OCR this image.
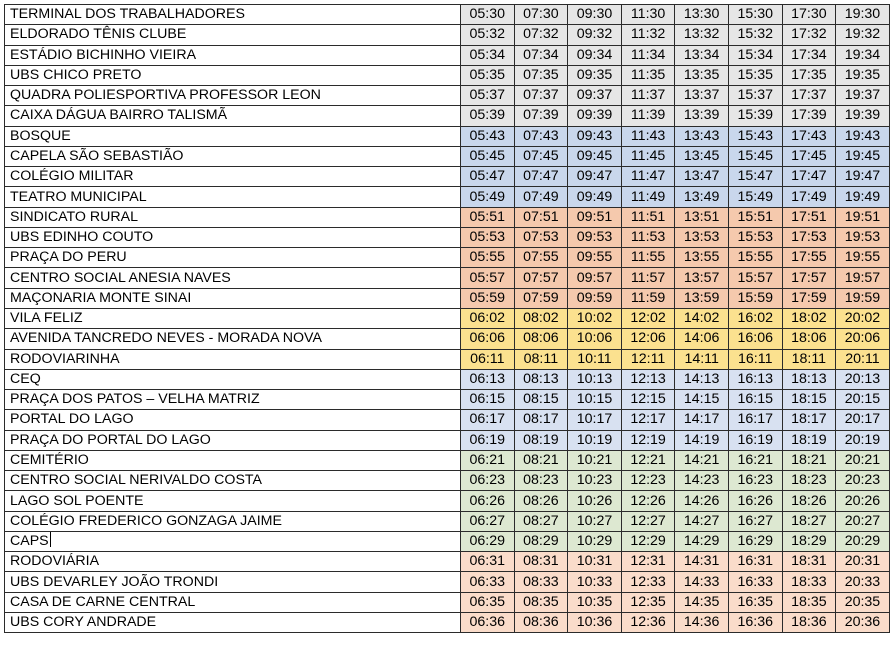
TERMINAL DOS TRABALHADORES	05:30	07:30	09:30	11:30	13:30	15:30	17:30	19:30
ELDORADO TÊNIS CLUBE	05:32	07:32	09:32	11:32	13:32	15:32	17:32	19:32
ESTÁDIO BICHINHO VIEIRA	05:34	07:34	09:34	11:34	13:34	15:34	17:34	19:34
UBS CHICO PRETO	05:35	07:35	09:35	11:35	13:35	15:35	17:35	19:35
QUADRA POLIESPORTIVA PROFESSOR LEON	05:37	07:37	09:37	11:37	13:37	15:37	17:37	19:37
CAIXA DÁGUA BAIRRO TALISMÃ	05:39	07:39	09:39	11:39	13:39	15:39	17:39	19:39
BOSQUE	05:43	07:43	09:43	11:43	13:43	15:43	17:43	19:43
CAPELA SÃO SEBASTIÃO	05:45	07:45	09:45	11:45	13:45	15:45	17:45	19:45
COLÉGIO MILITAR	05:47	07:47	09:47	11:47	13:47	15:47	17:47	19:47
TEATRO MUNICIPAL	05:49	07:49	09:49	11:49	13:49	15:49	17:49	19:49
SINDICATO RURAL	05:51	07:51	09:51	11:51	13:51	15:51	17:51	19:51
UBS EDINHO COUTO	05:53	07:53	09:53	11:53	13:53	15:53	17:53	19:53
PRAÇA DO PERU	05:55	07:55	09:55	11:55	13:55	15:55	17:55	19:55
CENTRO SOCIAL ANESIA NAVES	05:57	07:57	09:57	11:57	13:57	15:57	17:57	19:57
MAÇONARIA MONTE SINAI	05:59	07:59	09:59	11:59	13:59	15:59	17:59	19:59
VILA FELIZ	06:02	08:02	10:02	12:02	14:02	16:02	18:02	20:02
AVENIDA TANCREDO NEVES - MORADA NOVA	06:06	08:06	10:06	12:06	14:06	16:06	18:06	20:06
RODOVIARINHA	06:11	08:11	10:11	12:11	14:11	16:11	18:11	20:11
CEQ	06:13	08:13	10:13	12:13	14:13	16:13	18:13	20:13
PRAÇA DOS PATOS – VELHA MATRIZ	06:15	08:15	10:15	12:15	14:15	16:15	18:15	20:15
PORTAL DO LAGO	06:17	08:17	10:17	12:17	14:17	16:17	18:17	20:17
PRAÇA DO PORTAL DO LAGO	06:19	08:19	10:19	12:19	14:19	16:19	18:19	20:19
CEMITÉRIO	06:21	08:21	10:21	12:21	14:21	16:21	18:21	20:21
CENTRO SOCIAL NERIVALDO COSTA	06:23	08:23	10:23	12:23	14:23	16:23	18:23	20:23
LAGO SOL POENTE	06:26	08:26	10:26	12:26	14:26	16:26	18:26	20:26
COLÉGIO FREDERICO GONZAGA JAIME	06:27	08:27	10:27	12:27	14:27	16:27	18:27	20:27
CAPS	06:29	08:29	10:29	12:29	14:29	16:29	18:29	20:29
RODOVIÁRIA	06:31	08:31	10:31	12:31	14:31	16:31	18:31	20:31
UBS DEVARLEY JOÃO TRONDI	06:33	08:33	10:33	12:33	14:33	16:33	18:33	20:33
CASA DE CARNE CENTRAL	06:35	08:35	10:35	12:35	14:35	16:35	18:35	20:35
UBS CORY ANDRADE	06:36	08:36	10:36	12:36	14:36	16:36	18:36	20:36
